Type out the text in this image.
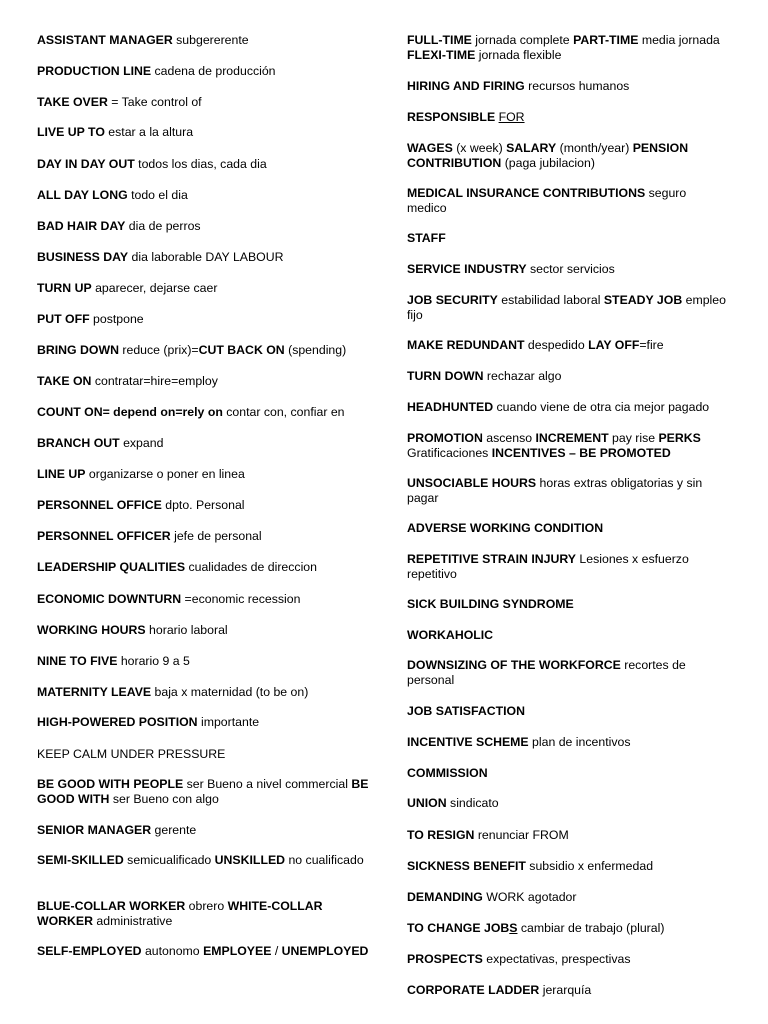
ASSISTANT MANAGER subgererente
PRODUCTION LINE cadena de producción
TAKE OVER = Take control of
LIVE UP TO estar a la altura
DAY IN DAY OUT todos los dias, cada dia
ALL DAY LONG todo el dia
BAD HAIR DAY dia de perros
BUSINESS DAY dia laborable DAY LABOUR
TURN UP aparecer, dejarse caer
PUT OFF postpone
BRING DOWN reduce (prix)=CUT BACK ON (spending)
TAKE ON contratar=hire=employ
COUNT ON= depend on=rely on contar con, confiar en
BRANCH OUT expand
LINE UP organizarse o poner en linea
PERSONNEL OFFICE dpto. Personal
PERSONNEL OFFICER jefe de personal
LEADERSHIP QUALITIES cualidades de direccion
ECONOMIC DOWNTURN =economic recession
WORKING HOURS horario laboral
NINE TO FIVE horario 9 a 5
MATERNITY LEAVE baja x maternidad (to be on)
HIGH-POWERED POSITION importante
KEEP CALM UNDER PRESSURE
BE GOOD WITH PEOPLE ser Bueno a nivel commercial BE GOOD WITH ser Bueno con algo
SENIOR MANAGER gerente
SEMI-SKILLED semicualificado UNSKILLED no cualificado
BLUE-COLLAR WORKER obrero WHITE-COLLAR WORKER administrative
SELF-EMPLOYED autonomo EMPLOYEE / UNEMPLOYED
FULL-TIME jornada complete PART-TIME media jornada FLEXI-TIME jornada flexible
HIRING AND FIRING recursos humanos
RESPONSIBLE FOR
WAGES (x week) SALARY (month/year) PENSION CONTRIBUTION (paga jubilacion)
MEDICAL INSURANCE CONTRIBUTIONS seguro medico
STAFF
SERVICE INDUSTRY sector servicios
JOB SECURITY estabilidad laboral STEADY JOB empleo fijo
MAKE REDUNDANT despedido LAY OFF=fire
TURN DOWN rechazar algo
HEADHUNTED cuando viene de otra cia mejor pagado
PROMOTION ascenso INCREMENT pay rise PERKS Gratificaciones INCENTIVES – BE PROMOTED
UNSOCIABLE HOURS horas extras obligatorias y sin pagar
ADVERSE WORKING CONDITION
REPETITIVE STRAIN INJURY Lesiones x esfuerzo repetitivo
SICK BUILDING SYNDROME
WORKAHOLIC
DOWNSIZING OF THE WORKFORCE recortes de personal
JOB SATISFACTION
INCENTIVE SCHEME plan de incentivos
COMMISSION
UNION sindicato
TO RESIGN renunciar FROM
SICKNESS BENEFIT subsidio x enfermedad
DEMANDING WORK agotador
TO CHANGE JOBS cambiar de trabajo (plural)
PROSPECTS expectativas, prespectivas
CORPORATE LADDER jerarquía
